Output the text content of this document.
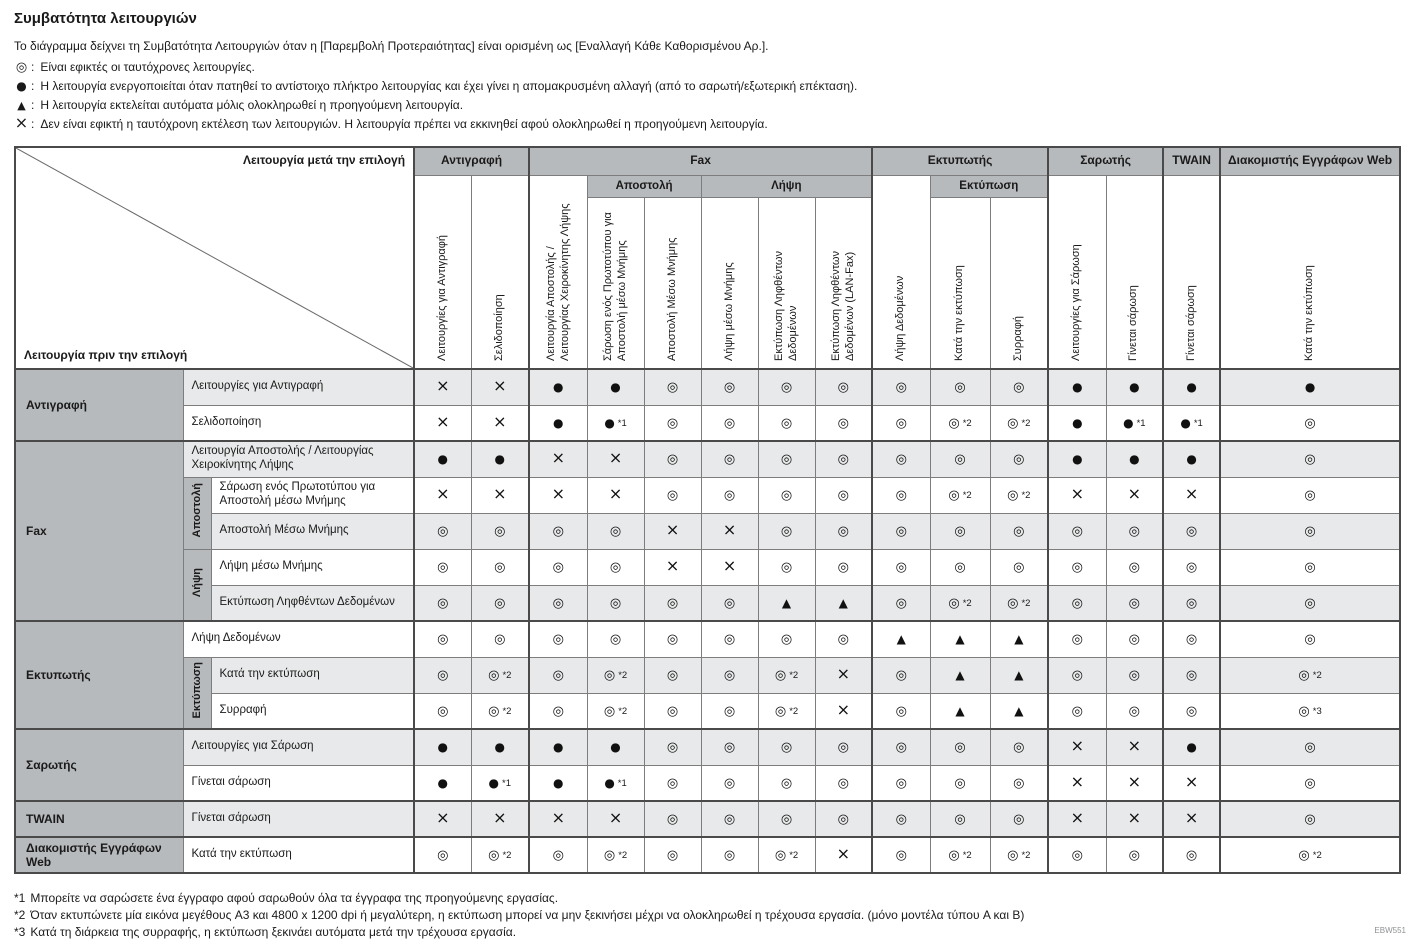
Συμβατότητα λειτουργιών

Το διάγραμμα δείχνει τη Συμβατότητα Λειτουργιών όταν η [Παρεμβολή Προτεραιότητας] είναι ορισμένη ως [Εναλλαγή Κάθε Καθορισμένου Αρ.].

◎ : Είναι εφικτές οι ταυτόχρονες λειτουργίες.
● : Η λειτουργία ενεργοποιείται όταν πατηθεί το αντίστοιχο πλήκτρο λειτουργίας και έχει γίνει η απομακρυσμένη αλλαγή (από το σαρωτή/εξωτερική επέκταση).
▲ : Η λειτουργία εκτελείται αυτόματα μόλις ολοκληρωθεί η προηγούμενη λειτουργία.
× : Δεν είναι εφικτή η ταυτόχρονη εκτέλεση των λειτουργιών. Η λειτουργία πρέπει να εκκινηθεί αφού ολοκληρωθεί η προηγούμενη λειτουργία.
Λειτουργία μετά την επιλογή
Λειτουργία πριν την επιλογή			Αντιγραφή		Fax						Εκτυπωτής			Σαρωτής		TWAIN	Διακομιστής Εγγράφων Web
			Λειτουργίες για Αντιγραφή	Σελιδοποίηση	Λειτουργία Αποστολής / Λειτουργίας Χειροκίνητης Λήψης	Αποστολή		Λήψη			Λήψη Δεδομένων	Εκτύπωση		Λειτουργίες για Σάρωση	Γίνεται σάρωση	Γίνεται σάρωση	Κατά την εκτύπωση
						Σάρωση ενός Πρωτοτύπου για Αποστολή μέσω Μνήμης	Αποστολή Μέσω Μνήμης	Λήψη μέσω Μνήμης	Εκτύπωση Ληφθέντων Δεδομένων	Εκτύπωση Ληφθέντων Δεδομένων (LAN-Fax)		Κατά την εκτύπωση	Συρραφή				
Αντιγραφή	Λειτουργίες για Αντιγραφή		×	×	●	●	◎	◎	◎	◎	◎	◎	◎	●	●	●	●
	Σελιδοποίηση		×	×	●	● *1	◎	◎	◎	◎	◎	◎ *2	◎ *2	●	● *1	● *1	◎
Fax	Λειτουργία Αποστολής / Λειτουργίας Χειροκίνητης Λήψης		●	●	×	×	◎	◎	◎	◎	◎	◎	◎	●	●	●	◎
	Αποστολή	Σάρωση ενός Πρωτοτύπου για Αποστολή μέσω Μνήμης	×	×	×	×	◎	◎	◎	◎	◎	◎ *2	◎ *2	×	×	×	◎
		Αποστολή Μέσω Μνήμης	◎	◎	◎	◎	×	×	◎	◎	◎	◎	◎	◎	◎	◎	◎
	Λήψη	Λήψη μέσω Μνήμης	◎	◎	◎	◎	×	×	◎	◎	◎	◎	◎	◎	◎	◎	◎
		Εκτύπωση Ληφθέντων Δεδομένων	◎	◎	◎	◎	◎	◎	▲	▲	◎	◎ *2	◎ *2	◎	◎	◎	◎
Εκτυπωτής	Λήψη Δεδομένων		◎	◎	◎	◎	◎	◎	◎	◎	▲	▲	▲	◎	◎	◎	◎
	Εκτύπωση	Κατά την εκτύπωση	◎	◎ *2	◎	◎ *2	◎	◎	◎ *2	×	◎	▲	▲	◎	◎	◎	◎ *2
		Συρραφή	◎	◎ *2	◎	◎ *2	◎	◎	◎ *2	×	◎	▲	▲	◎	◎	◎	◎ *3
Σαρωτής	Λειτουργίες για Σάρωση		●	●	●	●	◎	◎	◎	◎	◎	◎	◎	×	×	●	◎
	Γίνεται σάρωση		●	● *1	●	● *1	◎	◎	◎	◎	◎	◎	◎	×	×	×	◎
TWAIN	Γίνεται σάρωση		×	×	×	×	◎	◎	◎	◎	◎	◎	◎	×	×	×	◎
Διακομιστής Εγγράφων Web	Κατά την εκτύπωση		◎	◎ *2	◎	◎ *2	◎	◎	◎ *2	×	◎	◎ *2	◎ *2	◎	◎	◎	◎ *2
*1 Μπορείτε να σαρώσετε ένα έγγραφο αφού σαρωθούν όλα τα έγγραφα της προηγούμενης εργασίας.
*2 Όταν εκτυπώνετε μία εικόνα μεγέθους A3 και 4800 x 1200 dpi ή μεγαλύτερη, η εκτύπωση μπορεί να μην ξεκινήσει μέχρι να ολοκληρωθεί η τρέχουσα εργασία. (μόνο μοντέλα τύπου A και B)
*3 Κατά τη διάρκεια της συρραφής, η εκτύπωση ξεκινάει αυτόματα μετά την τρέχουσα εργασία.	EBW551
